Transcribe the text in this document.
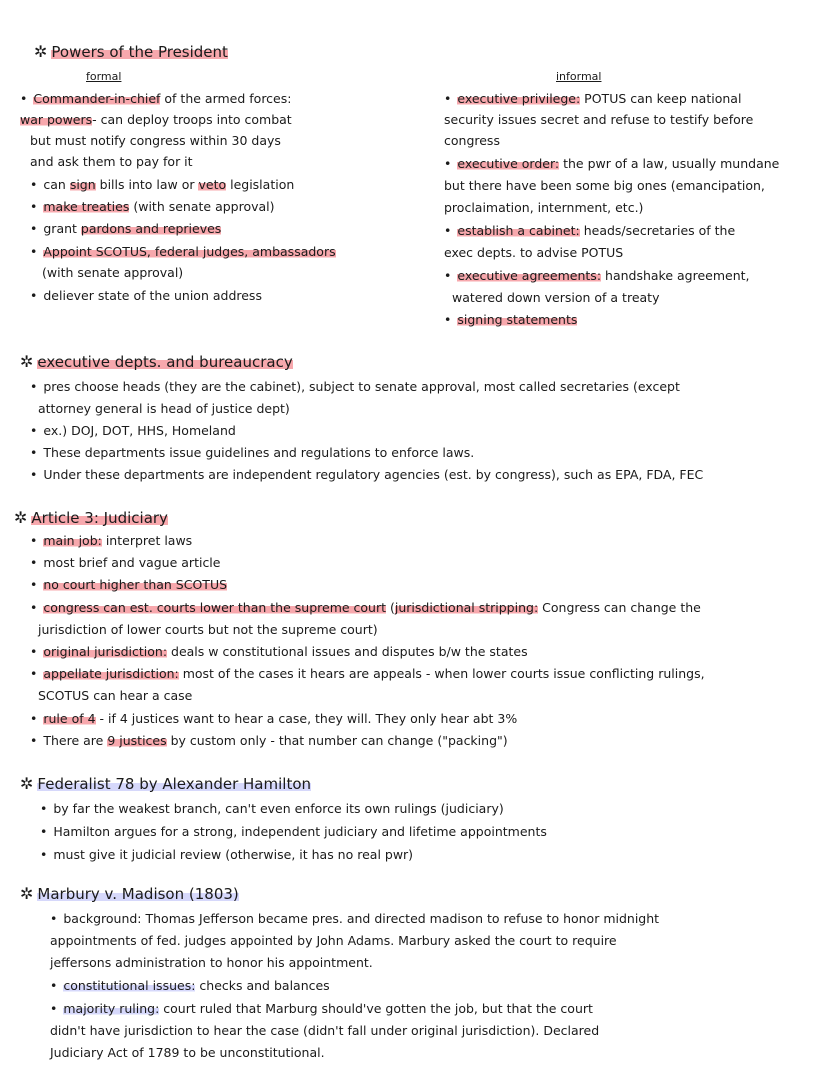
✲ Powers of the President
formal	informal
• Commander-in-chief of the armed forces:
war powers- can deploy troops into combat
but must notify congress within 30 days
and ask them to pay for it
• can sign bills into law or veto legislation
• make treaties (with senate approval)
• grant pardons and reprieves
• Appoint SCOTUS, federal judges, ambassadors
(with senate approval)
• deliever state of the union address
• executive privilege: POTUS can keep national
security issues secret and refuse to testify before
congress
• executive order: the pwr of a law, usually mundane
but there have been some big ones (emancipation,
proclaimation, internment, etc.)
• establish a cabinet: heads/secretaries of the
exec depts. to advise POTUS
• executive agreements: handshake agreement,
watered down version of a treaty
• signing statements
✲ executive depts. and bureaucracy
• pres choose heads (they are the cabinet), subject to senate approval, most called secretaries (except
attorney general is head of justice dept)
• ex.) DOJ, DOT, HHS, Homeland
• These departments issue guidelines and regulations to enforce laws.
• Under these departments are independent regulatory agencies (est. by congress), such as EPA, FDA, FEC
✲ Article 3: Judiciary
• main job: interpret laws
• most brief and vague article
• no court higher than SCOTUS
• congress can est. courts lower than the supreme court (jurisdictional stripping: Congress can change the
jurisdiction of lower courts but not the supreme court)
• original jurisdiction: deals w constitutional issues and disputes b/w the states
• appellate jurisdiction: most of the cases it hears are appeals - when lower courts issue conflicting rulings,
SCOTUS can hear a case
• rule of 4 - if 4 justices want to hear a case, they will. They only hear abt 3%
• There are 9 justices by custom only - that number can change ("packing")
✲ Federalist 78 by Alexander Hamilton
• by far the weakest branch, can't even enforce its own rulings (judiciary)
• Hamilton argues for a strong, independent judiciary and lifetime appointments
• must give it judicial review (otherwise, it has no real pwr)
✲ Marbury v. Madison (1803)
• background: Thomas Jefferson became pres. and directed madison to refuse to honor midnight
appointments of fed. judges appointed by John Adams. Marbury asked the court to require
jeffersons administration to honor his appointment.
• constitutional issues: checks and balances
• majority ruling: court ruled that Marburg should've gotten the job, but that the court
didn't have jurisdiction to hear the case (didn't fall under original jurisdiction). Declared
Judiciary Act of 1789 to be unconstitutional.
